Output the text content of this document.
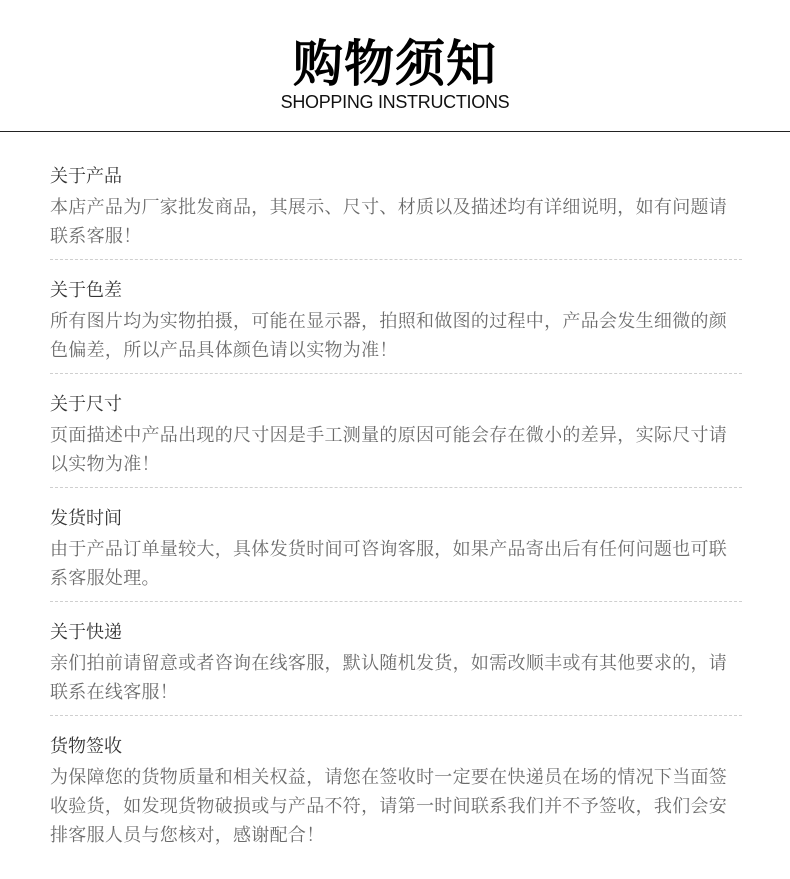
购物须知
SHOPPING INSTRUCTIONS
关于产品
本店产品为厂家批发商品，其展示、尺寸、材质以及描述均有详细说明，如有问题请联系客服！
关于色差
所有图片均为实物拍摄，可能在显示器，拍照和做图的过程中，产品会发生细微的颜色偏差，所以产品具体颜色请以实物为准！
关于尺寸
页面描述中产品出现的尺寸因是手工测量的原因可能会存在微小的差异，实际尺寸请以实物为准！
发货时间
由于产品订单量较大，具体发货时间可咨询客服，如果产品寄出后有任何问题也可联系客服处理。
关于快递
亲们拍前请留意或者咨询在线客服，默认随机发货，如需改顺丰或有其他要求的，请联系在线客服！
货物签收
为保障您的货物质量和相关权益，请您在签收时一定要在快递员在场的情况下当面签收验货，如发现货物破损或与产品不符，请第一时间联系我们并不予签收，我们会安排客服人员与您核对，感谢配合！
